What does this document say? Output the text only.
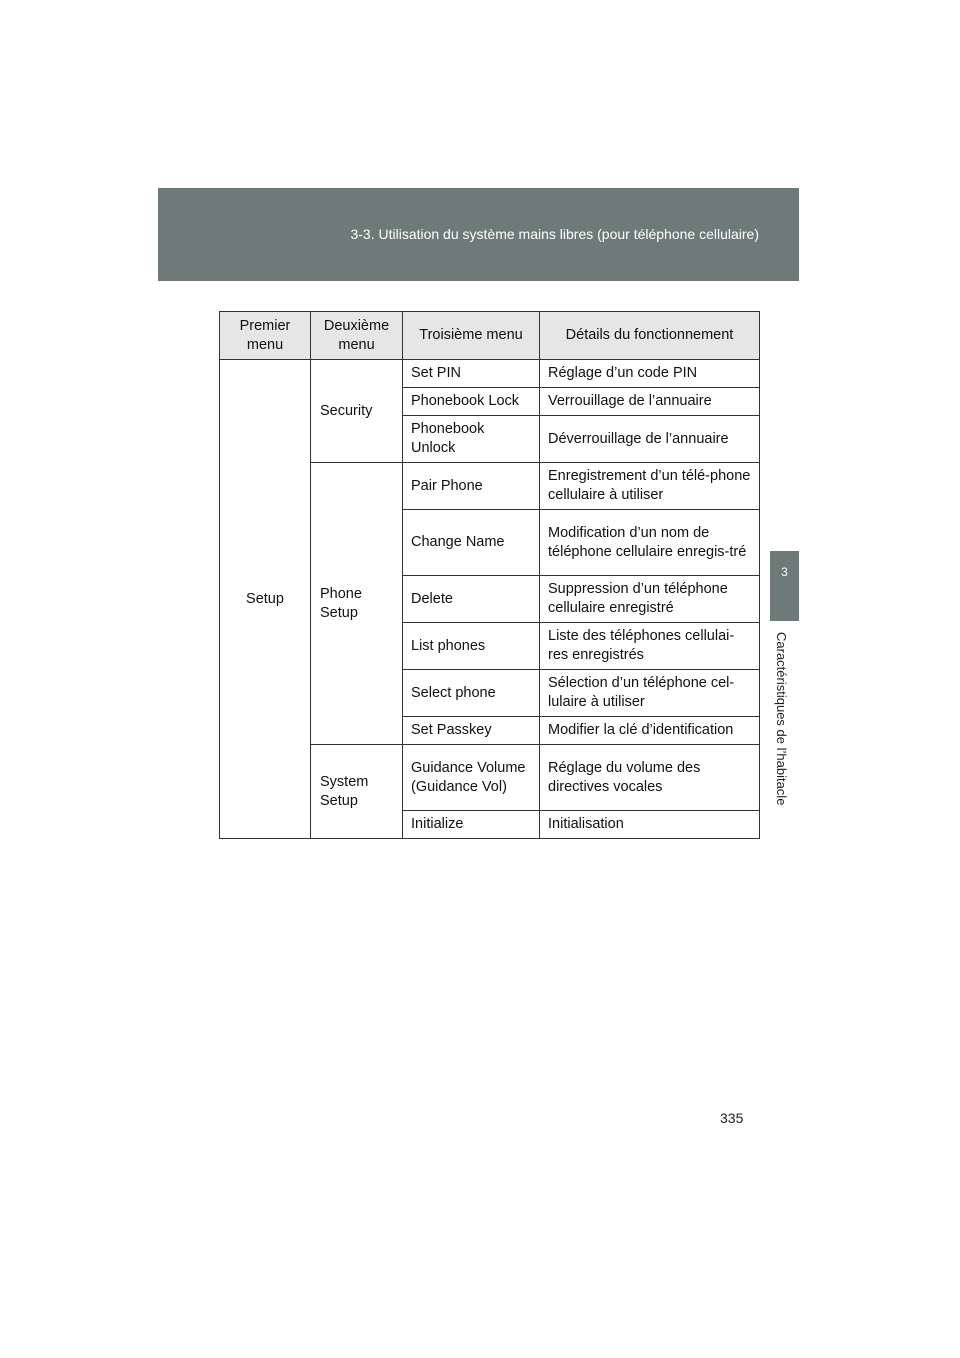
3-3. Utilisation du système mains libres (pour téléphone cellulaire)
3
Caractéristiques de l’habitacle
Premier menu	Deuxième menu	Troisième menu	Détails du fonctionnement
Setup	Security	Set PIN	Réglage d’un code PIN
		Phonebook Lock	Verrouillage de l’annuaire
		Phonebook Unlock	Déverrouillage de l’annuaire
	Phone Setup	Pair Phone	Enregistrement d’un télé-phone cellulaire à utiliser
		Change Name	Modification d’un nom de téléphone cellulaire enregis-tré
		Delete	Suppression d’un téléphone cellulaire enregistré
		List phones	Liste des téléphones cellulai-res enregistrés
		Select phone	Sélection d’un téléphone cel-lulaire à utiliser
		Set Passkey	Modifier la clé d’identification
	System Setup	Guidance Volume (Guidance Vol)	Réglage du volume des directives vocales
		Initialize	Initialisation
335
